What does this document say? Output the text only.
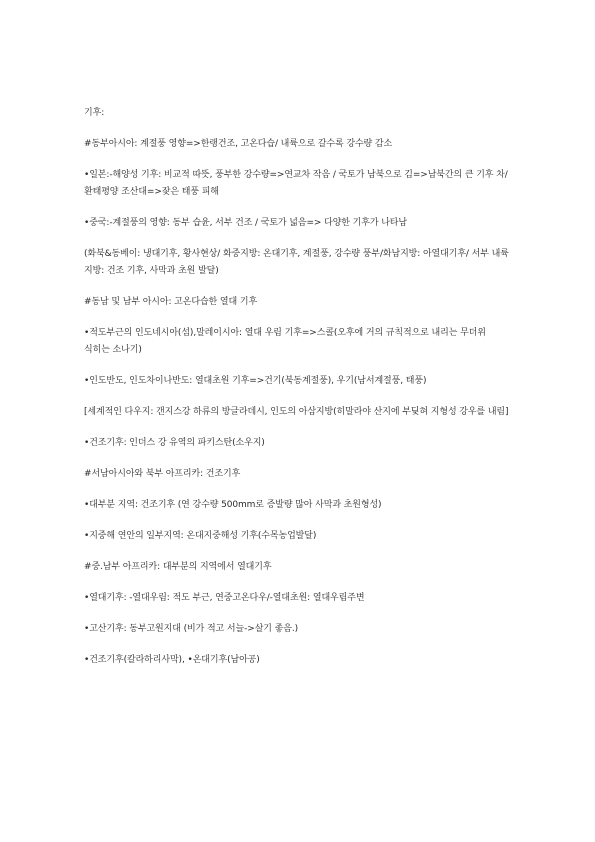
기후:

#동부아시아: 계절풍 영향=>한랭건조, 고온다습/ 내륙으로 갈수록 강수량 감소

•일본:-해양성 기후: 비교적 따뜻, 풍부한 강수량=>연교차 작음 / 국토가 남북으로 김=>남북간의 큰 기후 차/ 환태평양 조산대=>잦은 태풍 피해

•중국:-계절풍의 영향: 동부 습윤, 서부 건조 / 국토가 넓음=> 다양한 기후가 나타남

(화북&동베이: 냉대기후, 황사현상/ 화중지방: 온대기후, 계절풍, 강수량 풍부/화남지방: 아열대기후/ 서부 내륙 지방: 건조 기후, 사막과 초원 발달)

#동남 및 남부 아시아: 고온다습한 열대 기후

•적도부근의 인도네시아(섬),말레이시아: 열대 우림 기후=>스콜(오후에 거의 규칙적으로 내리는 무더위 식히는 소나기)

•인도반도, 인도차이나반도: 열대초원 기후=>건기(북동계절풍), 우기(남서계절풍, 태풍)

[세계적인 다우지: 갠지스강 하류의 방글라데시, 인도의 아삼지방(히말라야 산지에 부딪혀 지형성 강우를 내림]

•건조기후: 인더스 강 유역의 파키스탄(소우지)

#서남아시아와 북부 아프리카: 건조기후

•대부분 지역: 건조기후 (연 강수량 500mm로 증발량 많아 사막과 초원형성)

•지중해 연안의 일부지역: 온대지중해성 기후(수목농업발달)

#중.남부 아프리카: 대부분의 지역에서 열대기후

•열대기후: -열대우림: 적도 부근, 연중고온다우/-열대초원: 열대우림주변

•고산기후: 동부고원지대 (비가 적고 서늘->살기 좋음.)

•건조기후(칼라하리사막), •온대기후(남아공)
